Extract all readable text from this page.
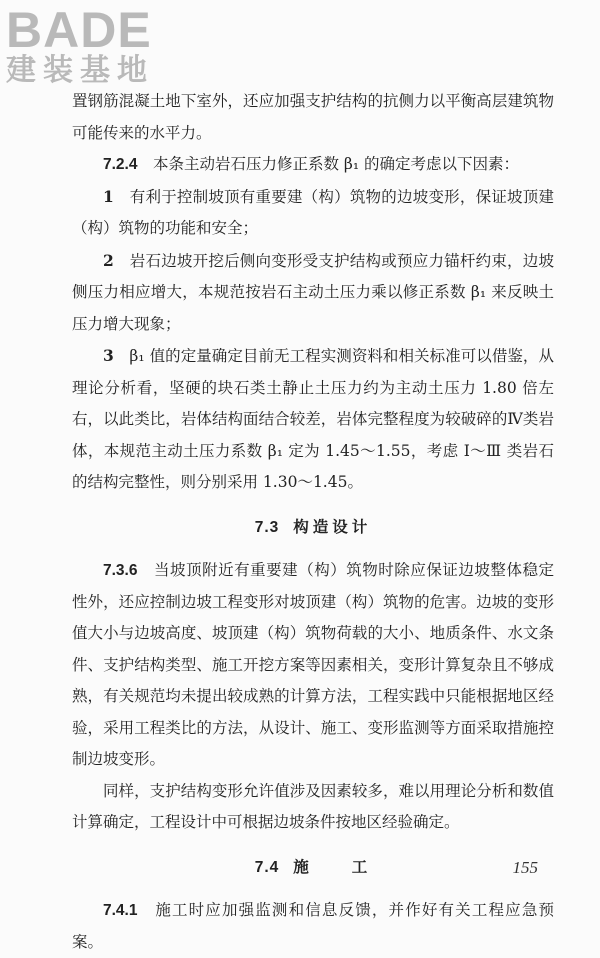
BADE
建装基地

置钢筋混凝土地下室外，还应加强支护结构的抗侧力以平衡高层建筑物可能传来的水平力。

7.2.4　 本条主动岩石压力修正系数 β₁ 的确定考虑以下因素：

1　 有利于控制坡顶有重要建（构）筑物的边坡变形，保证坡顶建（构）筑物的功能和安全；

2　 岩石边坡开挖后侧向变形受支护结构或预应力锚杆约束，边坡侧压力相应增大，本规范按岩石主动土压力乘以修正系数 β₁ 来反映土压力增大现象；

3　 β₁ 值的定量确定目前无工程实测资料和相关标准可以借鉴，从理论分析看，坚硬的块石类土静止土压力约为主动土压力 1.80 倍左右，以此类比，岩体结构面结合较差，岩体完整程度为较破碎的Ⅳ类岩体，本规范主动土压力系数 β₁ 定为 1.45～1.55，考虑 Ⅰ～Ⅲ 类岩石的结构完整性，则分别采用 1.30～1.45。

7.3 构造设计

7.3.6　 当坡顶附近有重要建（构）筑物时除应保证边坡整体稳定性外，还应控制边坡工程变形对坡顶建（构）筑物的危害。边坡的变形值大小与边坡高度、坡顶建（构）筑物荷载的大小、地质条件、水文条件、支护结构类型、施工开挖方案等因素相关，变形计算复杂且不够成熟，有关规范均未提出较成熟的计算方法，工程实践中只能根据地区经验，采用工程类比的方法，从设计、施工、变形监测等方面采取措施控制边坡变形。

同样，支护结构变形允许值涉及因素较多，难以用理论分析和数值计算确定，工程设计中可根据边坡条件按地区经验确定。

7.4 施　　工

7.4.1　 施工时应加强监测和信息反馈，并作好有关工程应急预案。

155
